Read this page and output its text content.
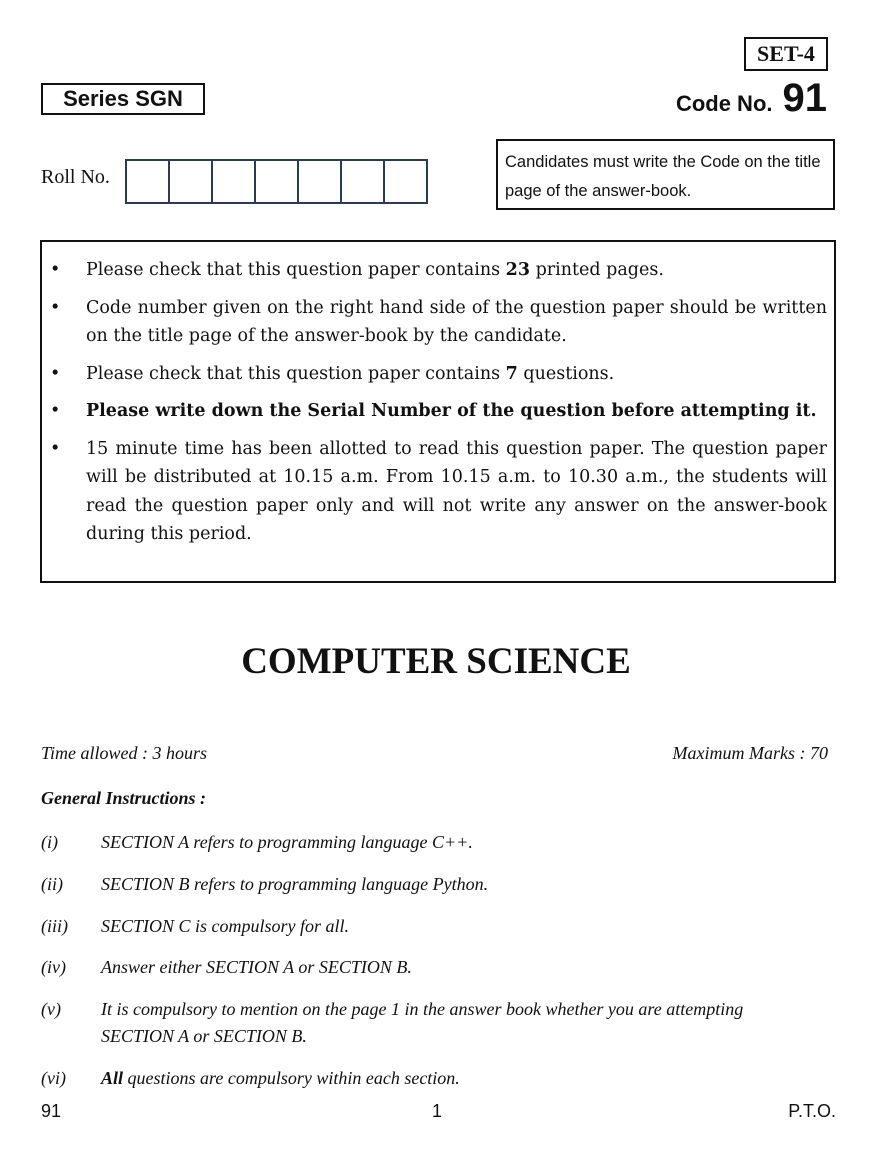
SET-4
Series SGN	Code No. 91
Roll No.
Candidates must write the Code on the title page of the answer-book.
•	Please check that this question paper contains 23 printed pages.
•	Code number given on the right hand side of the question paper should be written on the title page of the answer-book by the candidate.
•	Please check that this question paper contains 7 questions.
•	Please write down the Serial Number of the question before attempting it.
•	15 minute time has been allotted to read this question paper. The question paper will be distributed at 10.15 a.m. From 10.15 a.m. to 10.30 a.m., the students will read the question paper only and will not write any answer on the answer-book during this period.
COMPUTER SCIENCE
Time allowed : 3 hours	Maximum Marks : 70
General Instructions :
(i)	SECTION A refers to programming language C++.
(ii)	SECTION B refers to programming language Python.
(iii)	SECTION C is compulsory for all.
(iv)	Answer either SECTION A or SECTION B.
(v)	It is compulsory to mention on the page 1 in the answer book whether you are attempting SECTION A or SECTION B.
(vi)	All questions are compulsory within each section.
91	1	P.T.O.
